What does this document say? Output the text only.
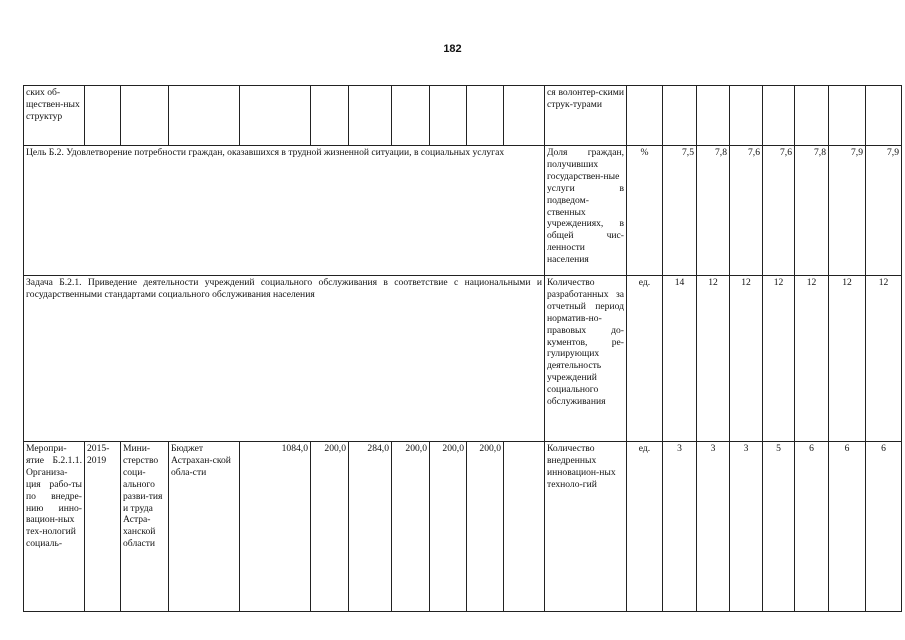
182
ских об-ществен-ных структур											ся волонтер-скими струк-турами								
Цель Б.2. Удовлетворение потребности граждан, оказавшихся в трудной жизненной ситуации, в социальных услугах											Доля граждан, получивших государствен-ные услуги в подведом-ственных учреждениях, в общей чис-ленности населения	%	7,5	7,8	7,6	7,6	7,8	7,9	7,9
Задача Б.2.1. Приведение деятельности учреждений социального обслуживания в соответствие с национальными и государственными стандартами социального обслуживания населения											Количество разработанных за отчетный период норматив-но-правовых до-кументов, ре-гулирующих деятельность учреждений социального обслуживания	ед.	14	12	12	12	12	12	12
Меропри-ятие Б.2.1.1. Организа-ция рабо-ты по внедре-нию инно-вацион-ных тех-нологий социаль-	2015-2019	Мини-стерство соци-ального разви-тия и труда Астра-ханской области	Бюджет Астрахан-ской обла-сти	1084,0	200,0	284,0	200,0	200,0	200,0		Количество внедренных инновацион-ных техноло-гий	ед.	3	3	3	5	6	6	6
